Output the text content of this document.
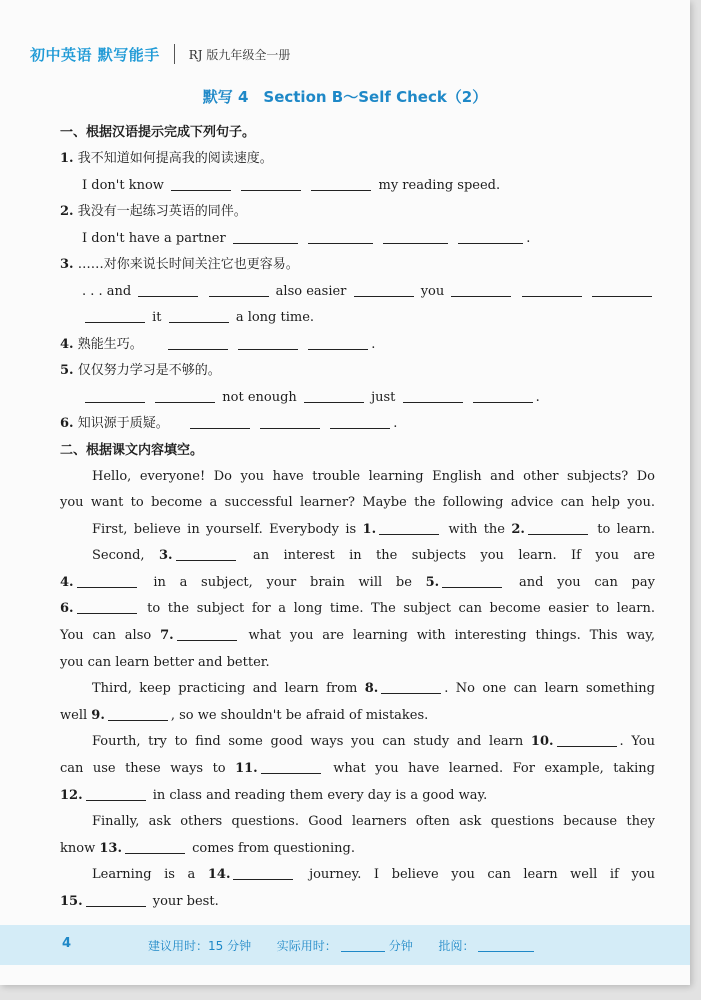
初中英语 默写能手 RJ 版九年级全一册
默写 4　Section B～Self Check（2）
一、根据汉语提示完成下列句子。
1. 我不知道如何提高我的阅读速度。
I don't know	my reading speed.
2. 我没有一起练习英语的同伴。
I don't have a partner	.
3. ……对你来说长时间关注它也更容易。
. . . and	also easier	you
it	a long time.
4. 熟能生巧。	.
5. 仅仅努力学习是不够的。
not enough	just	.
6. 知识源于质疑。	.
二、根据课文内容填空。
Hello, everyone! Do you have trouble learning English and other subjects? Do
you want to become a successful learner? Maybe the following advice can help you.
First, believe in yourself. Everybody is 1.	with the 2.	to learn.
Second, 3.	an interest in the subjects you learn. If you are
4.	in a subject, your brain will be 5.	and you can pay
6.	to the subject for a long time. The subject can become easier to learn.
You can also 7.	what you are learning with interesting things. This way,
you can learn better and better.
Third, keep practicing and learn from 8.	. No one can learn something
well 9.	, so we shouldn't be afraid of mistakes.
Fourth, try to find some good ways you can study and learn 10.	. You
can use these ways to 11.	what you have learned. For example, taking
12.	in class and reading them every day is a good way.
Finally, ask others questions. Good learners often ask questions because they
know 13.	comes from questioning.
Learning is a 14.	journey. I believe you can learn well if you
15.	your best.
4	建议用时：15 分钟 实际用时：	分钟 批阅：
